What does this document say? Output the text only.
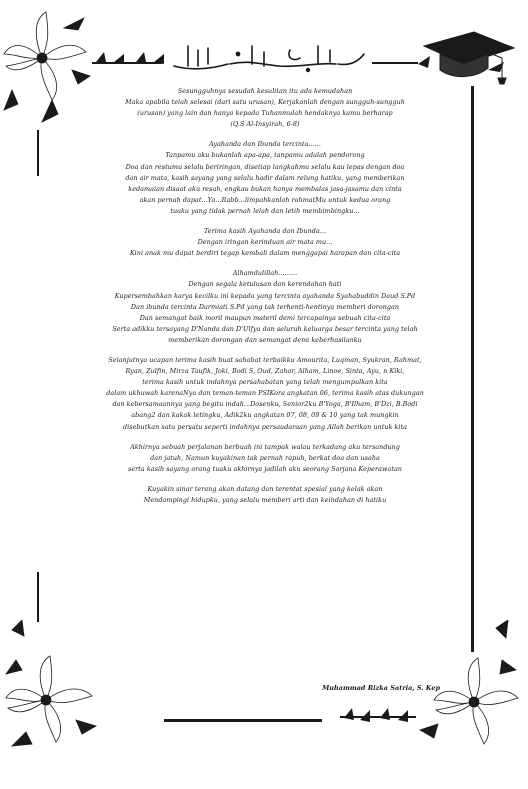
Sesungguhnya sesudah kesulitan itu ada kemudahan

Maka apabila telah selesai (dari satu urusan), Kerjakanlah dengan sungguh-sungguh

(urusan) yang lain dan hanya kepada Tuhanmulah hendaknya kamu berharap

(Q.S Al-Insyirah, 6-8)

Ayahanda dan Ibunda tercinta......

Tanpamu aku bukanlah apa-apa, tanpamu adalah pendorong

Doa dan restumu selalu beriringan, disetiap langkahmu selalu kau lepas dengan doa

dan air mata, kasih sayang yang selalu hadir dalam relung hatiku, yang memberikan

kedamaian disaat aku resah, engkau bukan hanya membalas jasa-jasamu dan cinta

akan pernah dapat...Ya...Rabb...limpahkanlah rahmatMu untuk kedua orang

tuaku yang tidak pernah lelah dan letih membimbingku...

Terima kasih Ayahanda dan Ibunda...

Dengan iringan kerinduan air mata mu...

Kini anak mu dapat berdiri tegap kembali dalam menggapai harapan dan cita-cita

Alhamdulillah.........

Dengan segala ketulusan dan kerendahan hati

Kupersembahkan karya kecilku ini kepada yang tercinta ayahanda Syahabuddin Daud S.Pd

Dan ibunda tercinta Darmiati S.Pd yang tak terhenti-hentinya memberi dorongan

Dan semangat baik moril maupun materil demi tercapainya sebuah cita-cita

Serta adikku tersayang D'Nanda dan D'Ulfya dan seluruh keluarga besar tercinta yang telah

memberikan dorongan dan semangat demi keberhasilanku

Selanjutnya ucapan terima kasih buat sahabat terbaikku Amourita, Luqman, Syukran, Rahmat,

Ryan, Zulfin, Mirza Taufik, Joki, Bodi S, Oud, Zahar, Alham, Linoe, Sinta, Ayu, n Kiki,

terima kasih untuk indahnya persahabatan yang telah mengumpulkan kita

dalam ukhuwah karenaNya dan teman-teman PSIKora angkatan 06, terima kasih atas dukungan

dan kebersamaannya yang begitu indah...Dosenku, Senior2ku B'Yoga, B'Ilham, B'Dzi, B.Bodi

abang2 dan kakak letingku, Adik2ku angkatan 07, 08, 09 & 10 yang tak mungkin

disebutkan satu persatu seperti indahnya persaudaraan yang Allah berikan untuk kita

Akhirnya sebuah perjalanan berbuah ini tampak walau terkadang aku tersandung

dan jatuh, Namun kuyakinan tak pernah rapuh, berkat doa dan usaha

serta kasih sayang orang tuaku akhirnya jadilah aku seorang Sarjana Keperawatan

Kuyakin sinar terang akan datang dan terentat spesial yang kelak akan

Mendampingi hidupku, yang selalu memberi arti dan keindahan di hatiku

Muhammad Rizka Satria, S. Kep
